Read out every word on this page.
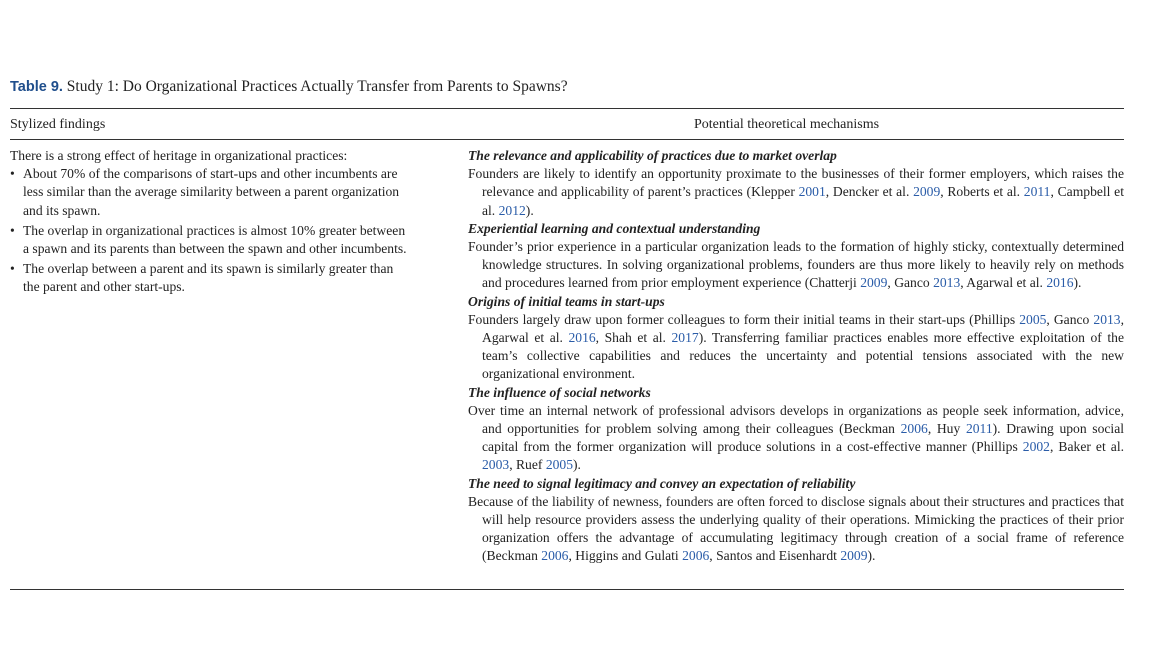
Table 9. Study 1: Do Organizational Practices Actually Transfer from Parents to Spawns?
Stylized findings	Potential theoretical mechanisms

There is a strong effect of heritage in organizational practices:

• About 70% of the comparisons of start-ups and other incumbents are less similar than the average similarity between a parent organization and its spawn.
• The overlap in organizational practices is almost 10% greater between a spawn and its parents than between the spawn and other incumbents.
• The overlap between a parent and its spawn is similarly greater than the parent and other start-ups.
The relevance and applicability of practices due to market overlap

Founders are likely to identify an opportunity proximate to the businesses of their former employers, which raises the relevance and applicability of parent’s practices (Klepper 2001, Dencker et al. 2009, Roberts et al. 2011, Campbell et al. 2012).

Experiential learning and contextual understanding

Founder’s prior experience in a particular organization leads to the formation of highly sticky, contextually determined knowledge structures. In solving organizational problems, founders are thus more likely to heavily rely on methods and procedures learned from prior employment experience (Chatterji 2009, Ganco 2013, Agarwal et al. 2016).

Origins of initial teams in start-ups

Founders largely draw upon former colleagues to form their initial teams in their start-ups (Phillips 2005, Ganco 2013, Agarwal et al. 2016, Shah et al. 2017). Transferring familiar practices enables more effective exploitation of the team’s collective capabilities and reduces the uncertainty and potential tensions associated with the new organizational environment.

The influence of social networks

Over time an internal network of professional advisors develops in organizations as people seek information, advice, and opportunities for problem solving among their colleagues (Beckman 2006, Huy 2011). Drawing upon social capital from the former organization will produce solutions in a cost-effective manner (Phillips 2002, Baker et al. 2003, Ruef 2005).

The need to signal legitimacy and convey an expectation of reliability

Because of the liability of newness, founders are often forced to disclose signals about their structures and practices that will help resource providers assess the underlying quality of their operations. Mimicking the practices of their prior organization offers the advantage of accumulating legitimacy through creation of a social frame of reference (Beckman 2006, Higgins and Gulati 2006, Santos and Eisenhardt 2009).
